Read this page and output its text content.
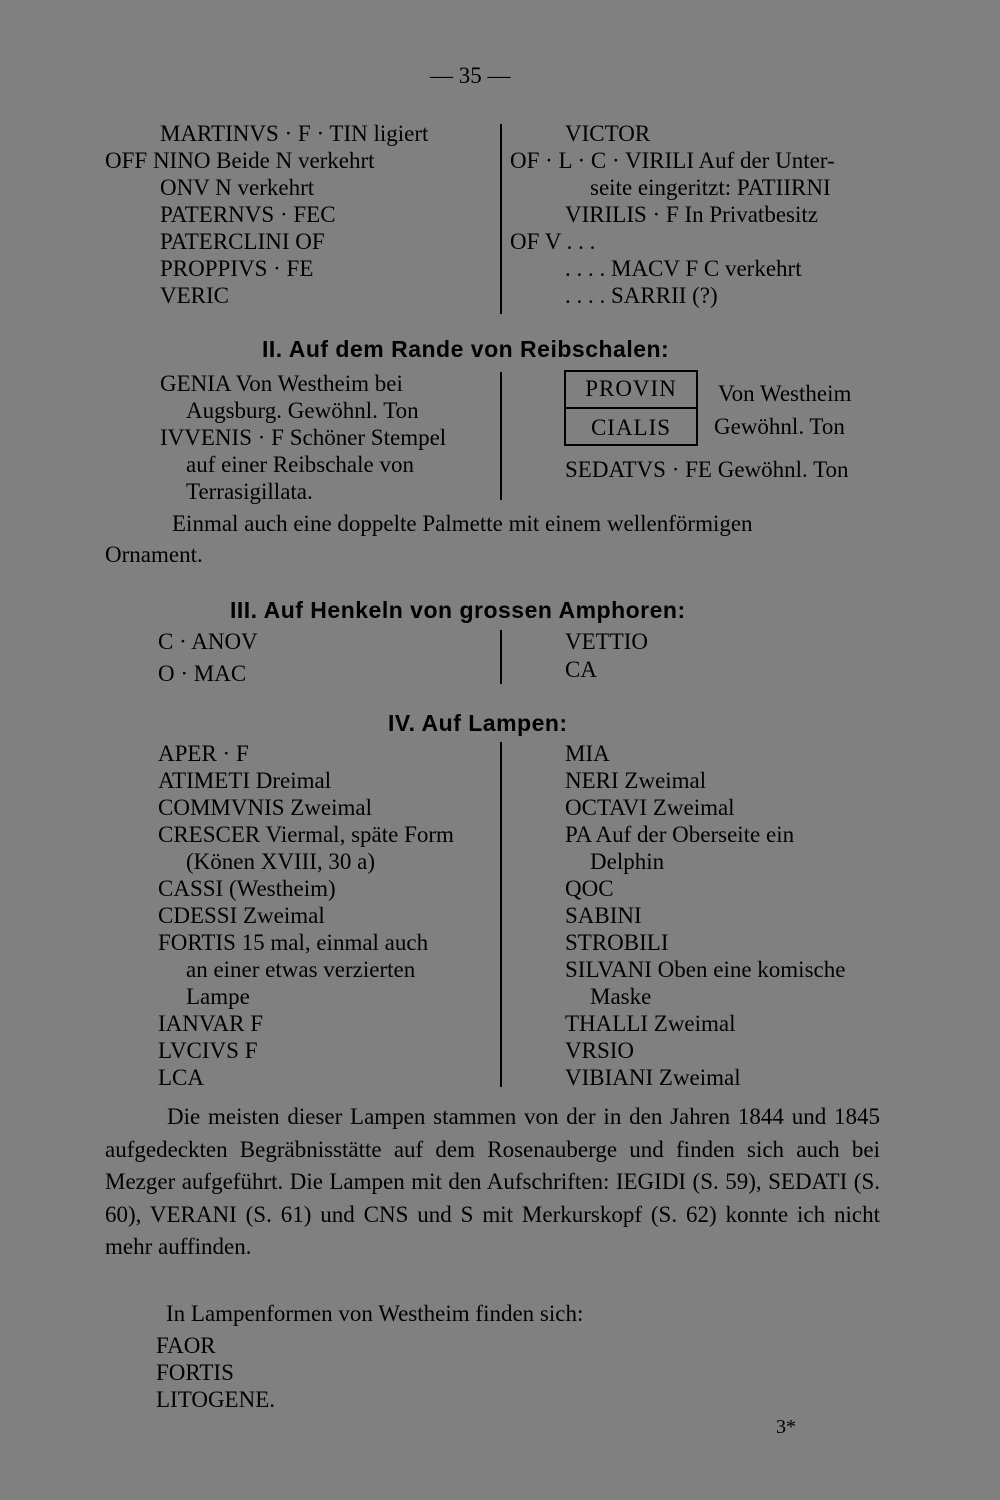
— 35 —
MARTINVS · F · TIN ligiert
OFF NINO Beide N verkehrt
ONV N verkehrt
PATERNVS · FEC
PATERCLINI OF
PROPPIVS · FE
VERIC
VICTOR
OF · L · C · VIRILI Auf der Unter-
seite eingeritzt: PATIIRNI
VIRILIS · F In Privatbesitz
OF V . . .
. . . . MACV F C verkehrt
. . . . SARRII (?)
II. Auf dem Rande von Reibschalen:
GENIA Von Westheim bei
Augsburg. Gewöhnl. Ton
IVVENIS · F Schöner Stempel
auf einer Reibschale von
Terrasigillata.
PROVIN
CIALIS
Von Westheim
Gewöhnl. Ton
SEDATVS · FE Gewöhnl. Ton
Einmal auch eine doppelte Palmette mit einem wellenförmigen
Ornament.
III. Auf Henkeln von grossen Amphoren:
C · ANOV
O · MAC
VETTIO
CA
IV. Auf Lampen:
APER · F
ATIMETI Dreimal
COMMVNIS Zweimal
CRESCER Viermal, späte Form
(Könen XVIII, 30 a)
CASSI (Westheim)
CDESSI Zweimal
FORTIS 15 mal, einmal auch
an einer etwas verzierten
Lampe
IANVAR F
LVCIVS F
LCA
MIA
NERI Zweimal
OCTAVI Zweimal
PA Auf der Oberseite ein
Delphin
QOC
SABINI
STROBILI
SILVANI Oben eine komische
Maske
THALLI Zweimal
VRSIO
VIBIANI Zweimal
Die meisten dieser Lampen stammen von der in den Jahren 1844 und 1845 aufgedeckten Begräbnisstätte auf dem Rosenauberge und finden sich auch bei Mezger aufgeführt. Die Lampen mit den Aufschriften: IEGIDI (S. 59), SEDATI (S. 60), VERANI (S. 61) und CNS und S mit Merkurskopf (S. 62) konnte ich nicht mehr auffinden.
In Lampenformen von Westheim finden sich:
FAOR
FORTIS
LITOGENE.
3*
